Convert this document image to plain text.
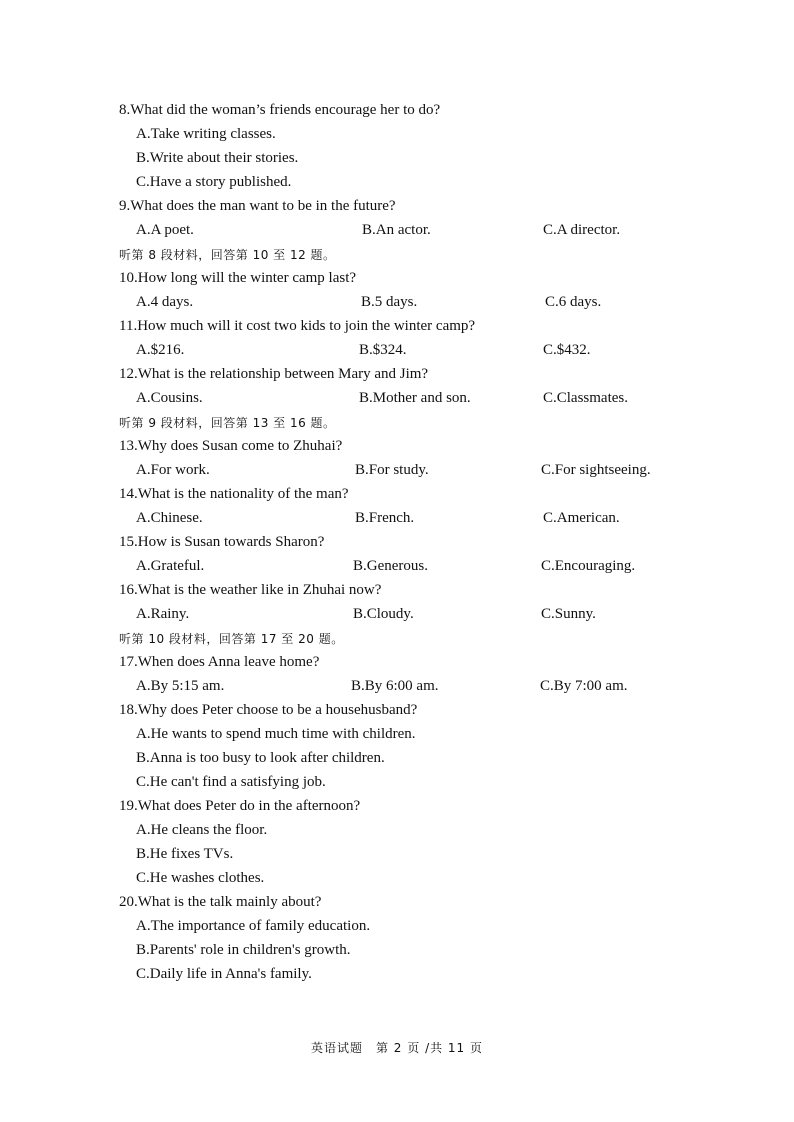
8.What did the woman’s friends encourage her to do?
A.Take writing classes.
B.Write about their stories.
C.Have a story published.
9.What does the man want to be in the future?
A.A poet.	B.An actor.	C.A director.
听第 8 段材料，回答第 10 至 12 题。
10.How long will the winter camp last?
A.4 days.	B.5 days.	C.6 days.
11.How much will it cost two kids to join the winter camp?
A.$216.	B.$324.	C.$432.
12.What is the relationship between Mary and Jim?
A.Cousins.	B.Mother and son.	C.Classmates.
听第 9 段材料，回答第 13 至 16 题。
13.Why does Susan come to Zhuhai?
A.For work.	B.For study.	C.For sightseeing.
14.What is the nationality of the man?
A.Chinese.	B.French.	C.American.
15.How is Susan towards Sharon?
A.Grateful.	B.Generous.	C.Encouraging.
16.What is the weather like in Zhuhai now?
A.Rainy.	B.Cloudy.	C.Sunny.
听第 10 段材料，回答第 17 至 20 题。
17.When does Anna leave home?
A.By 5:15 am.	B.By 6:00 am.	C.By 7:00 am.
18.Why does Peter choose to be a househusband?
A.He wants to spend much time with children.
B.Anna is too busy to look after children.
C.He can't find a satisfying job.
19.What does Peter do in the afternoon?
A.He cleans the floor.
B.He fixes TVs.
C.He washes clothes.
20.What is the talk mainly about?
A.The importance of family education.
B.Parents' role in children's growth.
C.Daily life in Anna's family.
英语试题　第 2 页 /共 11 页
